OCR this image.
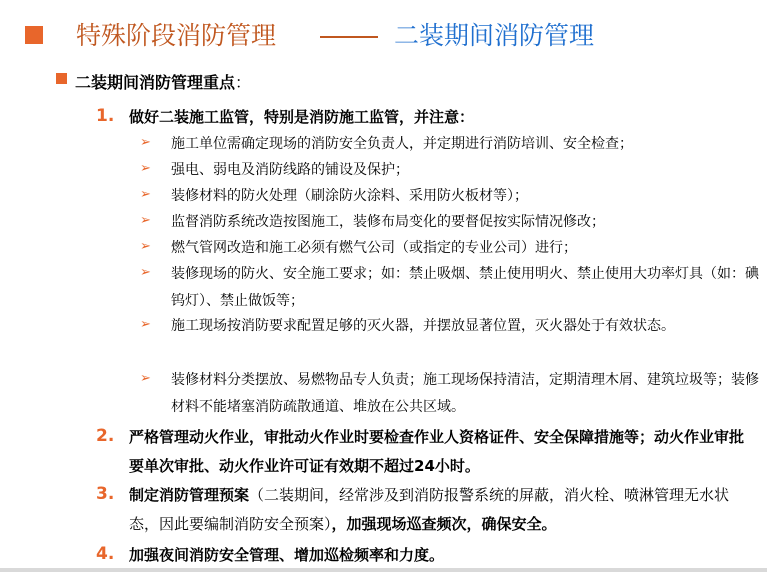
特殊阶段消防管理	二装期间消防管理
二装期间消防管理重点：
1. 做好二装施工监管，特别是消防施工监管，并注意：
➢ 施工单位需确定现场的消防安全负责人，并定期进行消防培训、安全检查；
➢ 强电、弱电及消防线路的铺设及保护；
➢ 装修材料的防火处理（刷涂防火涂料、采用防火板材等）；
➢ 监督消防系统改造按图施工，装修布局变化的要督促按实际情况修改；
➢ 燃气管网改造和施工必须有燃气公司（或指定的专业公司）进行；
➢ 装修现场的防火、安全施工要求；如：禁止吸烟、禁止使用明火、禁止使用大功率灯具（如：碘钨灯）、禁止做饭等；
➢ 施工现场按消防要求配置足够的灭火器，并摆放显著位置，灭火器处于有效状态。
➢ 装修材料分类摆放、易燃物品专人负责；施工现场保持清洁，定期清理木屑、建筑垃圾等；装修材料不能堵塞消防疏散通道、堆放在公共区域。
2. 严格管理动火作业，审批动火作业时要检查作业人资格证件、安全保障措施等；动火作业审批要单次审批、动火作业许可证有效期不超过24小时。
3. 制定消防管理预案（二装期间，经常涉及到消防报警系统的屏蔽，消火栓、喷淋管理无水状态，因此要编制消防安全预案），加强现场巡查频次，确保安全。
4. 加强夜间消防安全管理、增加巡检频率和力度。
